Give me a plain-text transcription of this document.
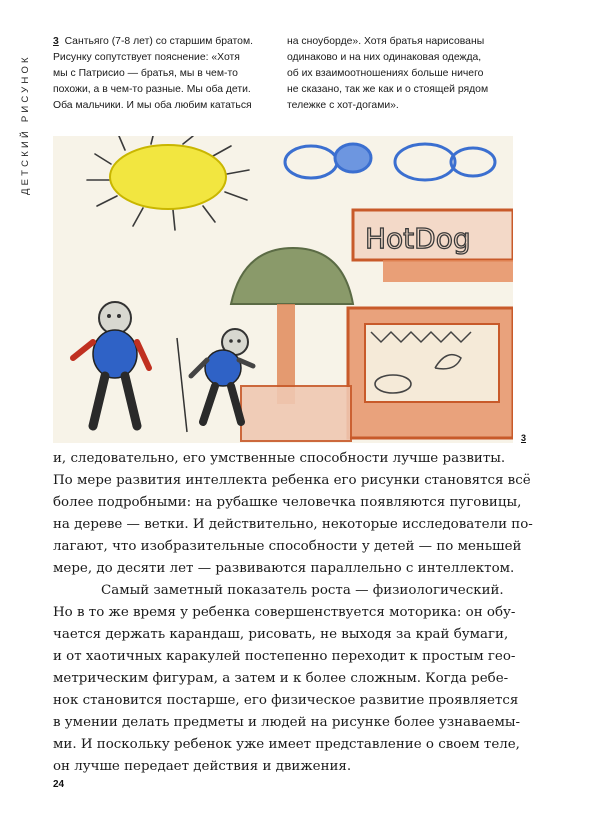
ДЕТСКИЙ РИСУНОК
3 Сантьяго (7-8 лет) со старшим братом.
Рисунку сопутствует пояснение: «Хотя
мы с Патрисио — братья, мы в чем-то
похожи, а в чем-то разные. Мы оба дети.
Оба мальчики. И мы оба любим кататься
на сноуборде». Хотя братья нарисованы
одинаково и на них одинаковая одежда,
об их взаимоотношениях больше ничего
не сказано, так же как и о стоящей рядом
тележке с хот-догами».
HotDog
3
и, следовательно, его умственные способности лучше развиты.
По мере развития интеллекта ребенка его рисунки становятся всё
более подробными: на рубашке человечка появляются пуговицы,
на дереве — ветки. И действительно, некоторые исследователи по-
лагают, что изобразительные способности у детей — по меньшей
мере, до десяти лет — развиваются параллельно с интеллектом.
Самый заметный показатель роста — физиологический.
Но в то же время у ребенка совершенствуется моторика: он обу-
чается держать карандаш, рисовать, не выходя за край бумаги,
и от хаотичных каракулей постепенно переходит к простым гео-
метрическим фигурам, а затем и к более сложным. Когда ребе-
нок становится постарше, его физическое развитие проявляется
в умении делать предметы и людей на рисунке более узнаваемы-
ми. И поскольку ребенок уже имеет представление о своем теле,
он лучше передает действия и движения.
24
